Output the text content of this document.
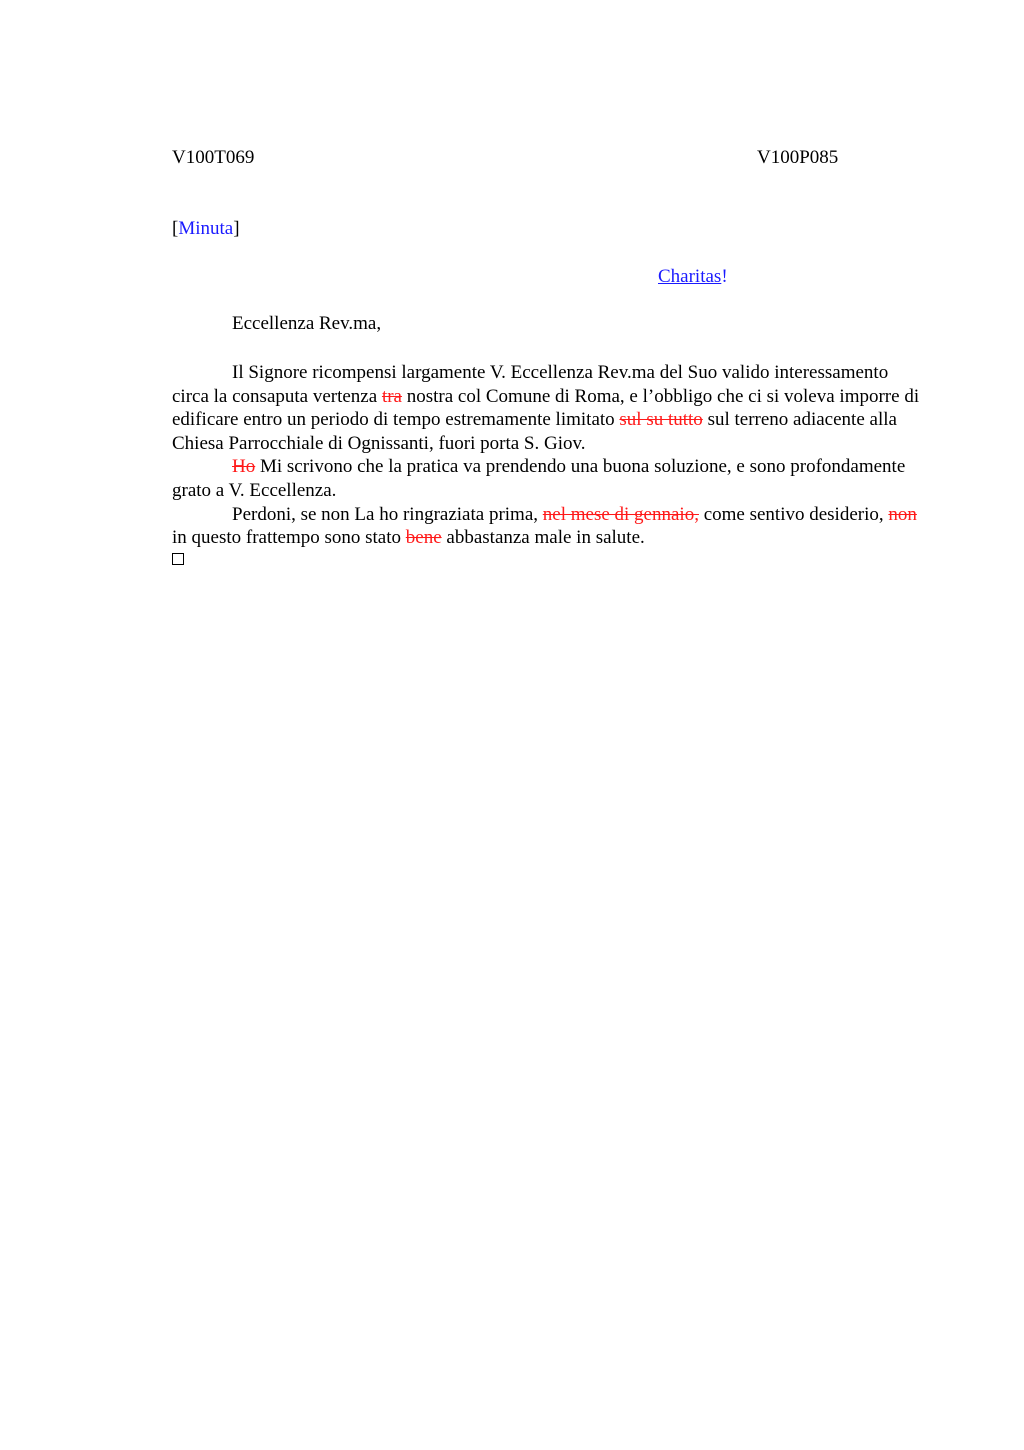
V100T069	V100P085
[Minuta]
Charitas!
Eccellenza Rev.ma,

Il Signore ricompensi largamente V. Eccellenza Rev.ma del Suo valido interessamento circa la consaputa vertenza tra nostra col Comune di Roma, e l’obbligo che ci si voleva imporre di edificare entro un periodo di tempo estremamente limitato sul su tutto sul terreno adiacente alla Chiesa Parrocchiale di Ognissanti, fuori porta S. Giov.

Ho Mi scrivono che la pratica va prendendo una buona soluzione, e sono profondamente grato a V. Eccellenza.

Perdoni, se non La ho ringraziata prima, nel mese di gennaio, come sentivo desiderio, non in questo frattempo sono stato bene abbastanza male in salute.
